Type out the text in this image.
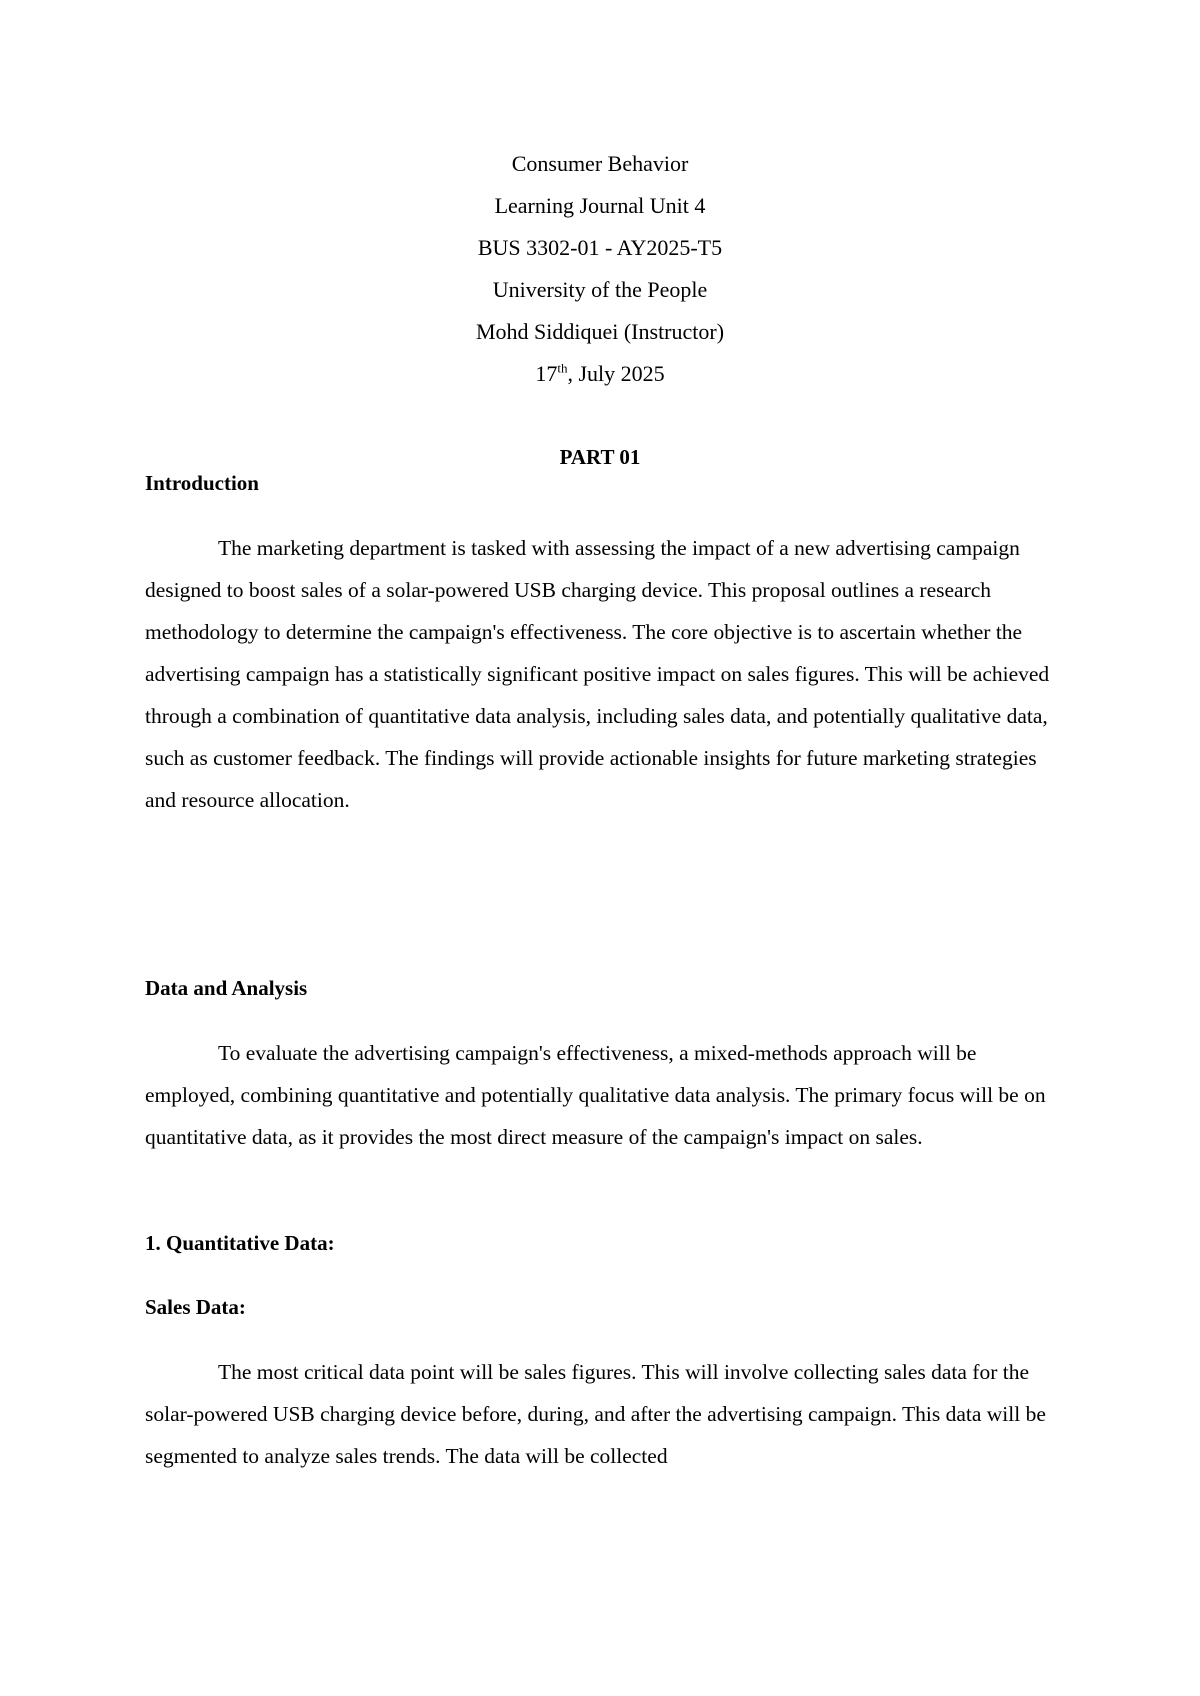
Consumer Behavior
Learning Journal Unit 4
BUS 3302-01 - AY2025-T5
University of the People
Mohd Siddiquei (Instructor)
17th, July 2025
PART 01
Introduction

The marketing department is tasked with assessing the impact of a new advertising campaign designed to boost sales of a solar-powered USB charging device. This proposal outlines a research methodology to determine the campaign's effectiveness. The core objective is to ascertain whether the advertising campaign has a statistically significant positive impact on sales figures. This will be achieved through a combination of quantitative data analysis, including sales data, and potentially qualitative data, such as customer feedback. The findings will provide actionable insights for future marketing strategies and resource allocation.

Data and Analysis

To evaluate the advertising campaign's effectiveness, a mixed-methods approach will be employed, combining quantitative and potentially qualitative data analysis. The primary focus will be on quantitative data, as it provides the most direct measure of the campaign's impact on sales.

1. Quantitative Data:
Sales Data:

The most critical data point will be sales figures. This will involve collecting sales data for the solar-powered USB charging device before, during, and after the advertising campaign. This data will be segmented to analyze sales trends. The data will be collected
